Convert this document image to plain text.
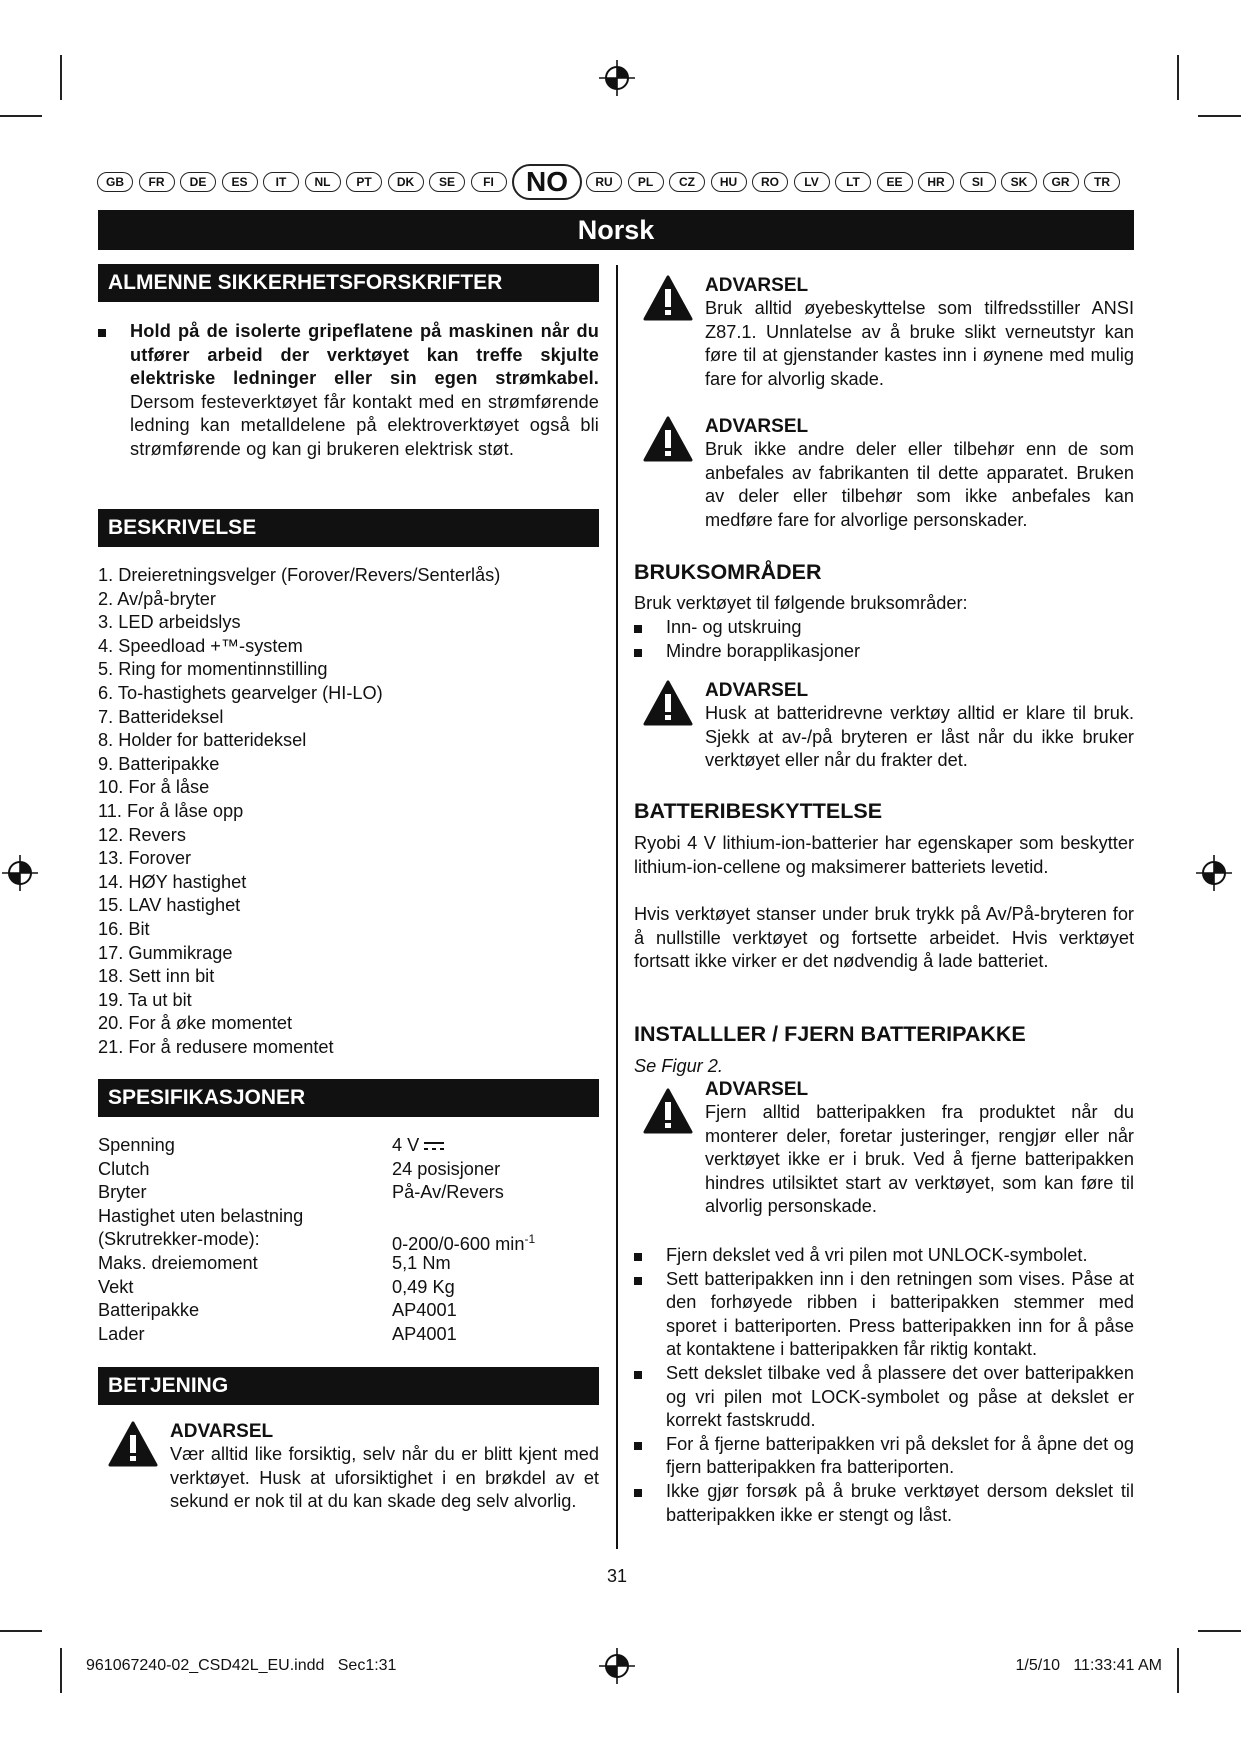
GB	FR	DE	ES	IT	NL	PT	DK	SE	FI	NO	RU	PL	CZ	HU	RO	LV	LT	EE	HR	SI	SK	GR	TR
Norsk
ALMENNE SIKKERHETSFORSKRIFTER
Hold på de isolerte gripeflatene på maskinen når du utfører arbeid der verktøyet kan treffe skjulte elektriske ledninger eller sin egen strømkabel. Dersom festeverktøyet får kontakt med en strømførende ledning kan metalldelene på elektroverktøyet også bli strømførende og kan gi brukeren elektrisk støt.
BESKRIVELSE
1. Dreieretningsvelger (Forover/Revers/Senterlås)
2. Av/på-bryter
3. LED arbeidslys
4. Speedload +™-system
5. Ring for momentinnstilling
6. To-hastighets gearvelger (HI-LO)
7. Batterideksel
8. Holder for batterideksel
9. Batteripakke
10. For å låse
11. For å låse opp
12. Revers
13. Forover
14. HØY hastighet
15. LAV hastighet
16. Bit
17. Gummikrage
18. Sett inn bit
19. Ta ut bit
20. For å øke momentet
21. For å redusere momentet
SPESIFIKASJONER
Spenning	4 V
Clutch	24 posisjoner
Bryter	På-Av/Revers
Hastighet uten belastning
(Skrutrekker-mode):	0-200/0-600 $\min^{-1}$
Maks. dreiemoment	5,1 Nm
Vekt	0,49 Kg
Batteripakke	AP4001
Lader	AP4001
BETJENING
ADVARSEL
Vær alltid like forsiktig, selv når du er blitt kjent med verktøyet. Husk at uforsiktighet i en brøkdel av et sekund er nok til at du kan skade deg selv alvorlig.
ADVARSEL
Bruk alltid øyebeskyttelse som tilfredsstiller ANSI Z87.1. Unnlatelse av å bruke slikt verneutstyr kan føre til at gjenstander kastes inn i øynene med mulig fare for alvorlig skade.
ADVARSEL
Bruk ikke andre deler eller tilbehør enn de som anbefales av fabrikanten til dette apparatet. Bruken av deler eller tilbehør som ikke anbefales kan medføre fare for alvorlige personskader.
BRUKSOMRÅDER
Bruk verktøyet til følgende bruksområder:
Inn- og utskruing
Mindre borapplikasjoner
ADVARSEL
Husk at batteridrevne verktøy alltid er klare til bruk. Sjekk at av-/på bryteren er låst når du ikke bruker verktøyet eller når du frakter det.
BATTERIBESKYTTELSE
Ryobi 4 V lithium-ion-batterier har egenskaper som beskytter lithium-ion-cellene og maksimerer batteriets levetid.
Hvis verktøyet stanser under bruk trykk på Av/På-bryteren for å nullstille verktøyet og fortsette arbeidet. Hvis verktøyet fortsatt ikke virker er det nødvendig å lade batteriet.
INSTALLLER / FJERN BATTERIPAKKE
Se Figur 2.
ADVARSEL
Fjern alltid batteripakken fra produktet når du monterer deler, foretar justeringer, rengjør eller når verktøyet ikke er i bruk. Ved å fjerne batteripakken hindres utilsiktet start av verktøyet, som kan føre til alvorlig personskade.
Fjern dekslet ved å vri pilen mot UNLOCK-symbolet.
Sett batteripakken inn i den retningen som vises. Påse at den forhøyede ribben i batteripakken stemmer med sporet i batteriporten. Press batteripakken inn for å påse at kontaktene i batteripakken får riktig kontakt.
Sett dekslet tilbake ved å plassere det over batteripakken og vri pilen mot LOCK-symbolet og påse at dekslet er korrekt fastskrudd.
For å fjerne batteripakken vri på dekslet for å åpne det og fjern batteripakken fra batteriporten.
Ikke gjør forsøk på å bruke verktøyet dersom dekslet til batteripakken ikke er stengt og låst.
31
961067240-02_CSD42L_EU.indd   Sec1:31	1/5/10   11:33:41 AM
